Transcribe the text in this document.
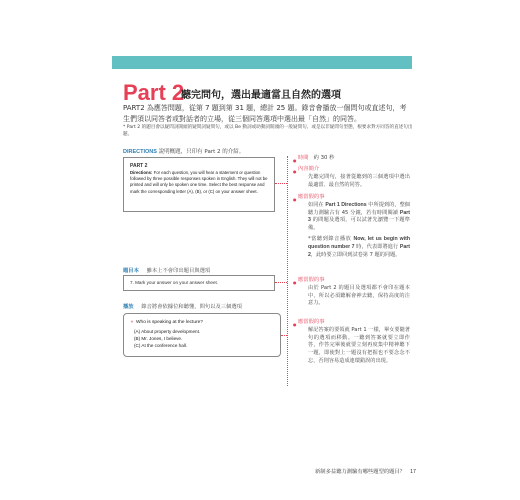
Part 2
聽完問句，選出最適當且自然的選項
PART2 為應答問題，從第 7 題到第 31 題，總計 25 題。錄音會播放一個問句或直述句，考生們須以同答者或對話者的立場，從三個同答選項中選出最「自然」的同答。
* Part 2 的題目會以疑問詞開頭的疑問詞疑問句，或以 Be 動詞或助動詞開頭的一般疑問句、或是以非疑問句型態，根要求對方同答的直述句出題。
DIRECTIONS 說明概題，只印有 Part 2 的介紹。
PART 2
Directions: For each question, you will hear a statement or question followed by three possible responses spoken in English. They will not be printed and will only be spoken one time. Select the best response and mark the corresponding letter (A), (B), or (C) on your answer sheet.
題目本 雖本上不會印出題目與選項
7. Mark your answer on your answer sheet.
播放 錄音將會依據位和聽懂，問句以及三個選項
◑ Who is speaking at the lecture?
(A) About property development.
(B) Mr. Jones, I believe.
(C) At the conference hall.
● 時間 約 30 秒
● 內容簡介
先聽完問句，接著從聽到的三個選項中選出最適當、最自然的同答。
● 應當假的事
如同在 Part 1 Directions 中所提到的，整個聽力測驗古有 45 分鐘，若有時間閱讀 Part 3 的問題及選項，可以試著先瀏覽一下題準備。
*當聽到錄音播放 Now, let us begin with question number 7 時，代表即將進行 Part 2，此時要立即回到試卷第 7 題的同題。
● 應當假的事
由於 Part 2 的題目及選項都不會印在題本中，所以必須聽解會神去聽，保持高度的注意力。
● 應當假的事
解記答案的要領就 Part 1 一樣，畢女要隨著句的選項而移動。一聽到答案就要立即作答，作答完畢後就要立刻再度集中精神聽下一題，即使對上一題沒有把握也不要念念不忘，否則容易造成連環錯誤的出現。
新制多益聽力測驗有哪些題型的題目？ 17
